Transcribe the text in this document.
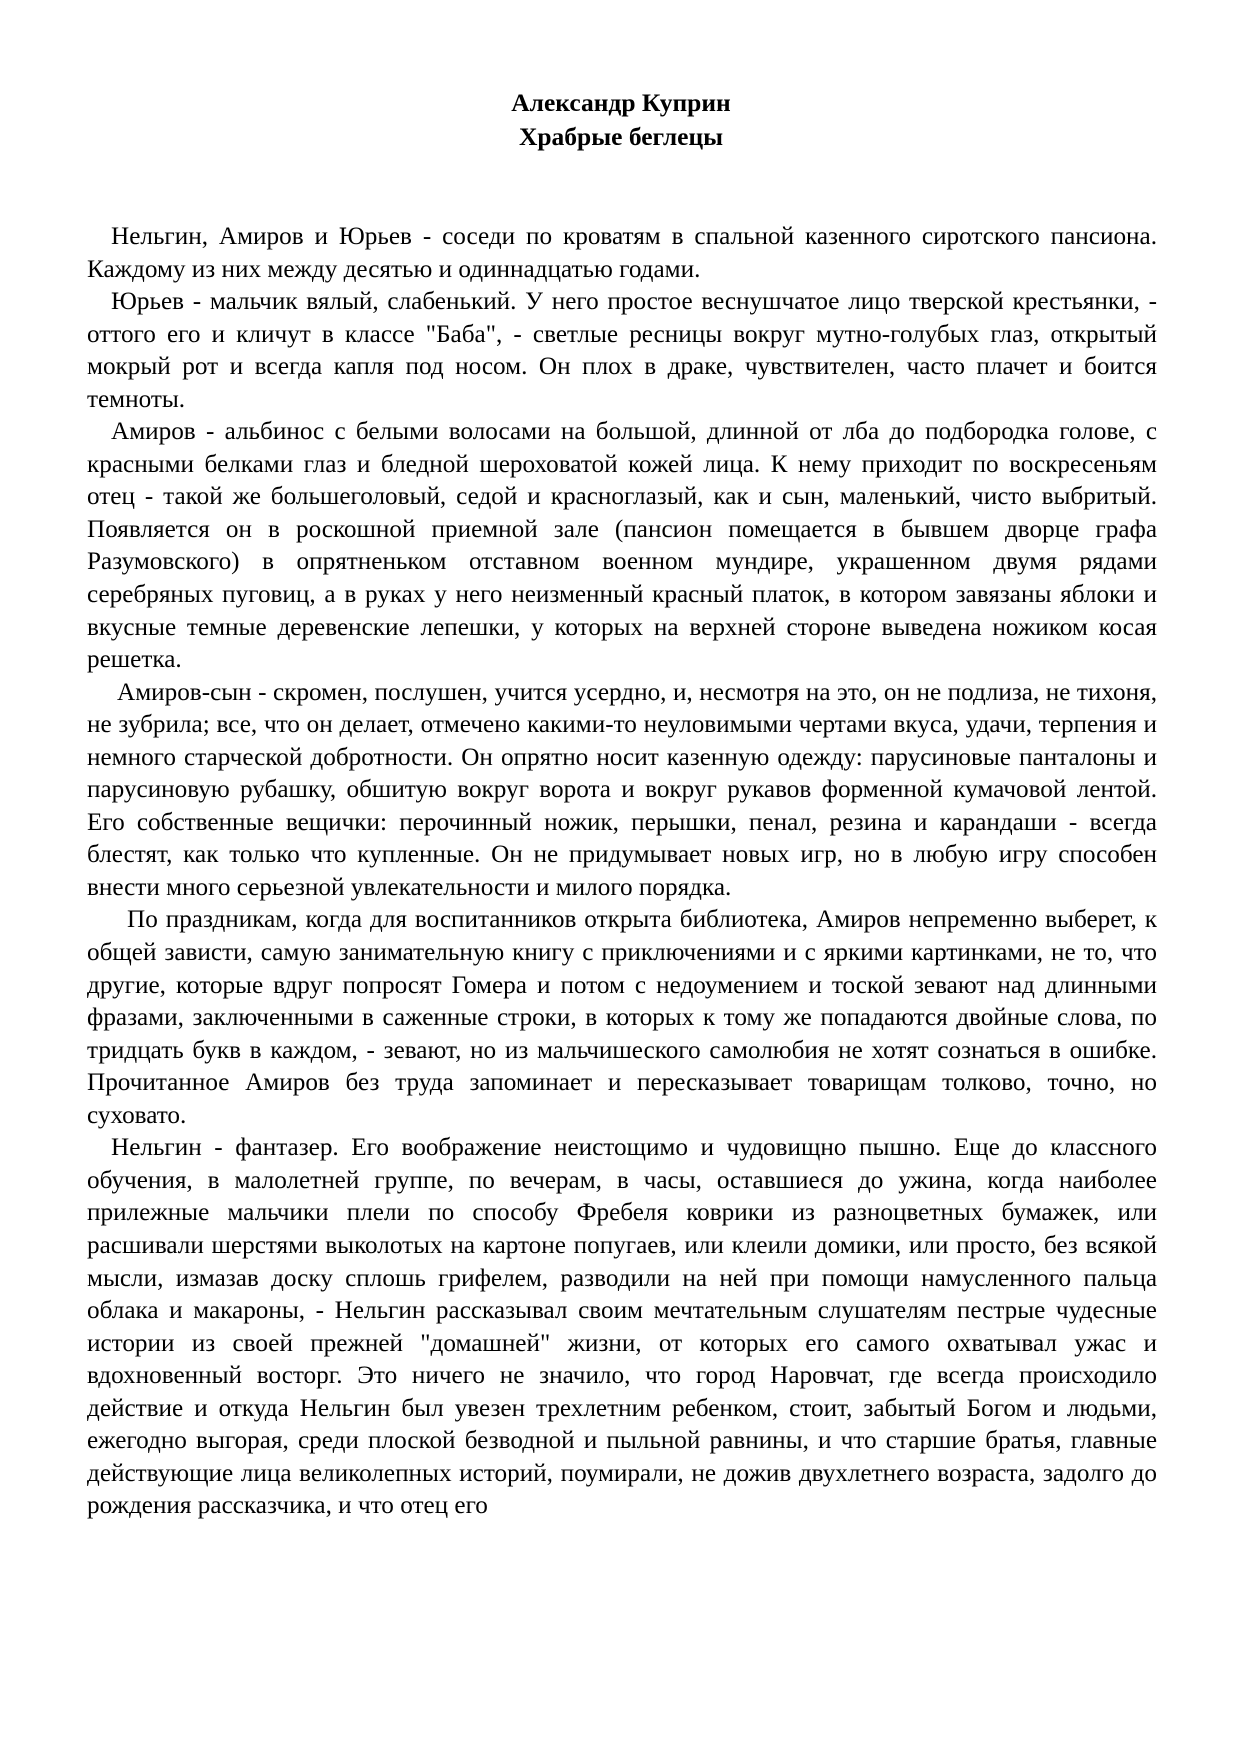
Александр Куприн
Храбрые беглецы

Нельгин, Амиров и Юрьев - соседи по кроватям в спальной казенного сиротского пансиона. Каждому из них между десятью и одиннадцатью годами.

Юрьев - мальчик вялый, слабенький. У него простое веснушчатое лицо тверской крестьянки, - оттого его и кличут в классе "Баба", - светлые ресницы вокруг мутно-голубых глаз, открытый мокрый рот и всегда капля под носом. Он плох в драке, чувствителен, часто плачет и боится темноты.

Амиров - альбинос с белыми волосами на большой, длинной от лба до подбородка голове, с красными белками глаз и бледной шероховатой кожей лица. К нему приходит по воскресеньям отец - такой же большеголовый, седой и красноглазый, как и сын, маленький, чисто выбритый. Появляется он в роскошной приемной зале (пансион помещается в бывшем дворце графа Разумовского) в опрятненьком отставном военном мундире, украшенном двумя рядами серебряных пуговиц, а в руках у него неизменный красный платок, в котором завязаны яблоки и вкусные темные деревенские лепешки, у которых на верхней стороне выведена ножиком косая решетка.

Амиров-сын - скромен, послушен, учится усердно, и, несмотря на это, он не подлиза, не тихоня, не зубрила; все, что он делает, отмечено какими-то неуловимыми чертами вкуса, удачи, терпения и немного старческой добротности. Он опрятно носит казенную одежду: парусиновые панталоны и парусиновую рубашку, обшитую вокруг ворота и вокруг рукавов форменной кумачовой лентой. Его собственные вещички: перочинный ножик, перышки, пенал, резина и карандаши - всегда блестят, как только что купленные. Он не придумывает новых игр, но в любую игру способен внести много серьезной увлекательности и милого порядка.

По праздникам, когда для воспитанников открыта библиотека, Амиров непременно выберет, к общей зависти, самую занимательную книгу с приключениями и с яркими картинками, не то, что другие, которые вдруг попросят Гомера и потом с недоумением и тоской зевают над длинными фразами, заключенными в саженные строки, в которых к тому же попадаются двойные слова, по тридцать букв в каждом, - зевают, но из мальчишеского самолюбия не хотят сознаться в ошибке. Прочитанное Амиров без труда запоминает и пересказывает товарищам толково, точно, но суховато.

Нельгин - фантазер. Его воображение неистощимо и чудовищно пышно. Еще до классного обучения, в малолетней группе, по вечерам, в часы, оставшиеся до ужина, когда наиболее прилежные мальчики плели по способу Фребеля коврики из разноцветных бумажек, или расшивали шерстями выколотых на картоне попугаев, или клеили домики, или просто, без всякой мысли, измазав доску сплошь грифелем, разводили на ней при помощи намусленного пальца облака и макароны, - Нельгин рассказывал своим мечтательным слушателям пестрые чудесные истории из своей прежней "домашней" жизни, от которых его самого охватывал ужас и вдохновенный восторг. Это ничего не значило, что город Наровчат, где всегда происходило действие и откуда Нельгин был увезен трехлетним ребенком, стоит, забытый Богом и людьми, ежегодно выгорая, среди плоской безводной и пыльной равнины, и что старшие братья, главные действующие лица великолепных историй, поумирали, не дожив двухлетнего возраста, задолго до рождения рассказчика, и что отец его
